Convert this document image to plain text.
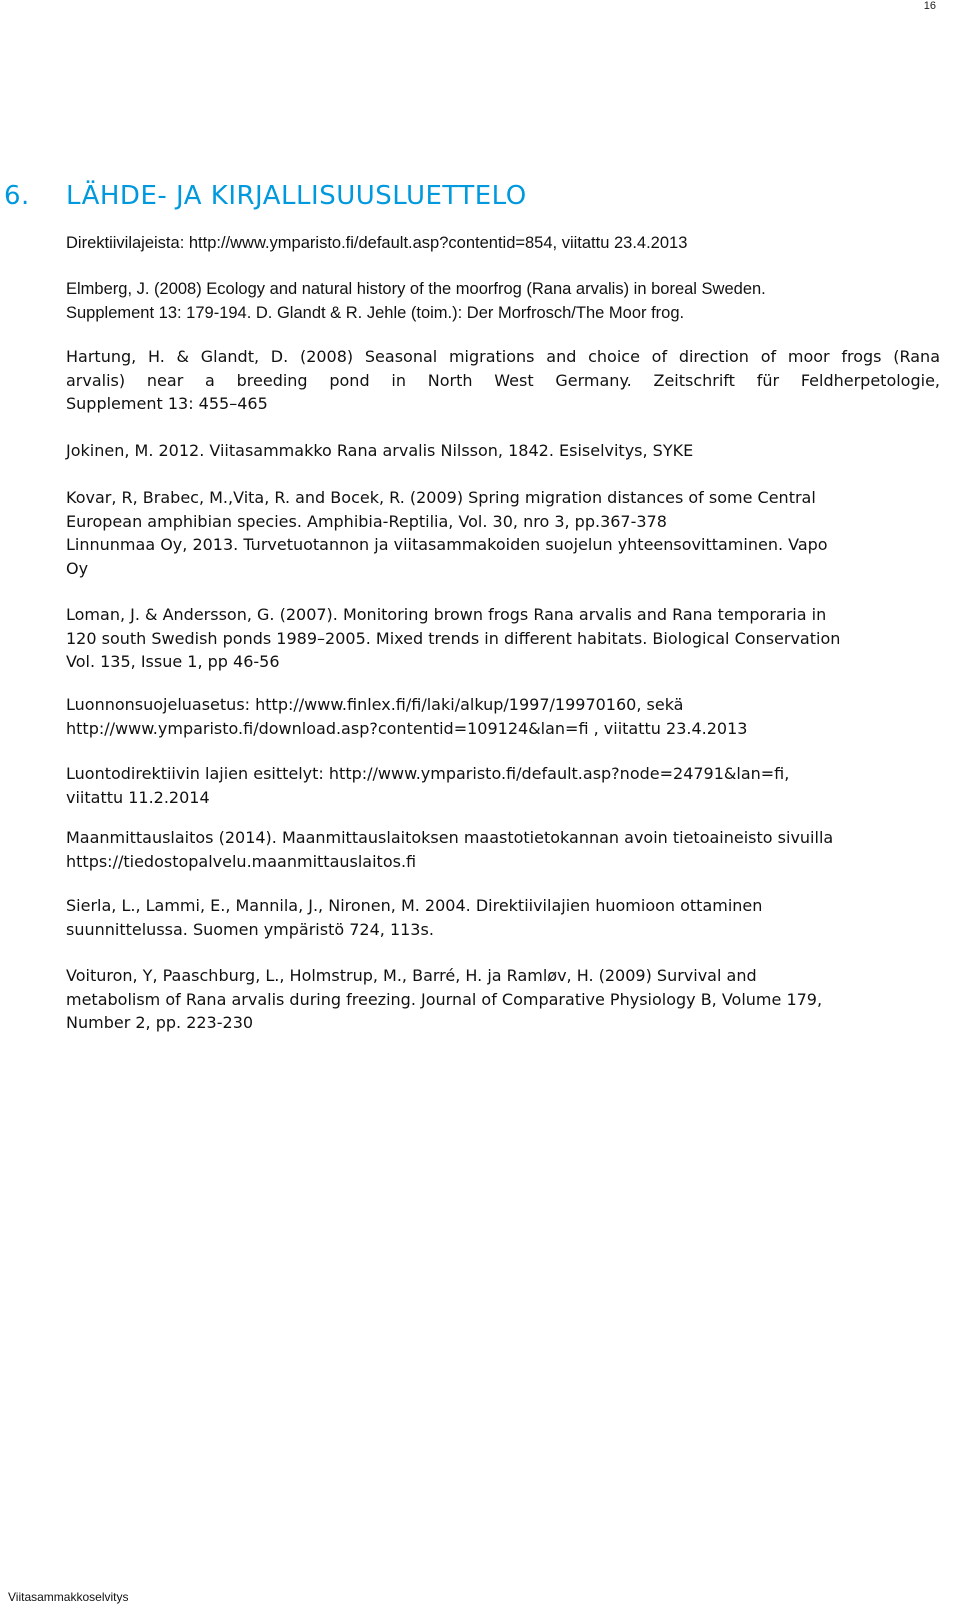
16
6. LÄHDE- JA KIRJALLISUUSLUETTELO

Direktiivilajeista: http://www.ymparisto.fi/default.asp?contentid=854, viitattu 23.4.2013

Elmberg, J. (2008) Ecology and natural history of the moorfrog (Rana arvalis) in boreal Sweden.
Supplement 13: 179-194. D. Glandt & R. Jehle (toim.): Der Morfrosch/The Moor frog.

Hartung, H. & Glandt, D. (2008) Seasonal migrations and choice of direction of moor frogs (Rana
arvalis) near a breeding pond in North West Germany. Zeitschrift für Feldherpetologie,
Supplement 13: 455–465

Jokinen, M. 2012. Viitasammakko Rana arvalis Nilsson, 1842. Esiselvitys, SYKE

Kovar, R, Brabec, M.,Vita, R. and Bocek, R. (2009) Spring migration distances of some Central
European amphibian species. Amphibia-Reptilia, Vol. 30, nro 3, pp.367-378
Linnunmaa Oy, 2013. Turvetuotannon ja viitasammakoiden suojelun yhteensovittaminen. Vapo
Oy

Loman, J. & Andersson, G. (2007). Monitoring brown frogs Rana arvalis and Rana temporaria in
120 south Swedish ponds 1989–2005. Mixed trends in different habitats. Biological Conservation
Vol. 135, Issue 1, pp 46-56

Luonnonsuojeluasetus: http://www.finlex.fi/fi/laki/alkup/1997/19970160, sekä
http://www.ymparisto.fi/download.asp?contentid=109124&lan=fi , viitattu 23.4.2013

Luontodirektiivin lajien esittelyt: http://www.ymparisto.fi/default.asp?node=24791&lan=fi,
viitattu 11.2.2014

Maanmittauslaitos (2014). Maanmittauslaitoksen maastotietokannan avoin tietoaineisto sivuilla
https://tiedostopalvelu.maanmittauslaitos.fi

Sierla, L., Lammi, E., Mannila, J., Nironen, M. 2004. Direktiivilajien huomioon ottaminen
suunnittelussa. Suomen ympäristö 724, 113s.

Voituron, Y, Paaschburg, L., Holmstrup, M., Barré, H. ja Ramløv, H. (2009) Survival and
metabolism of Rana arvalis during freezing. Journal of Comparative Physiology B, Volume 179,
Number 2, pp. 223-230

Viitasammakkoselvitys
